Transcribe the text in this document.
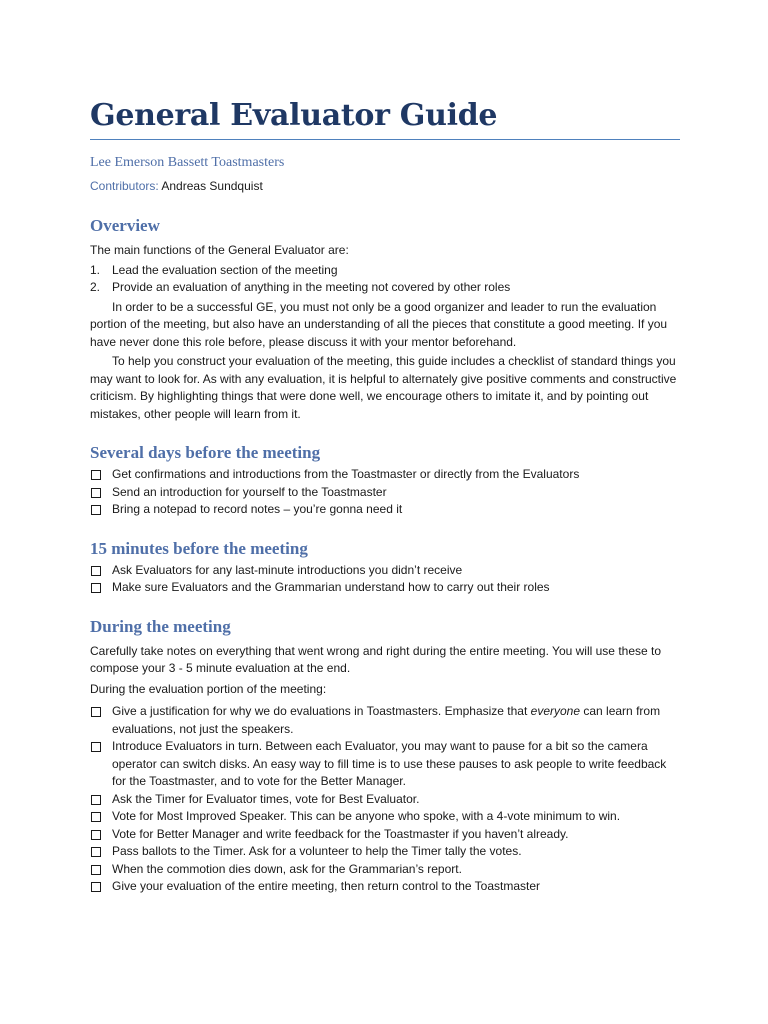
General Evaluator Guide
Lee Emerson Bassett Toastmasters
Contributors: Andreas Sundquist
Overview

The main functions of the General Evaluator are:

1. Lead the evaluation section of the meeting
2. Provide an evaluation of anything in the meeting not covered by other roles

In order to be a successful GE, you must not only be a good organizer and leader to run the evaluation portion of the meeting, but also have an understanding of all the pieces that constitute a good meeting. If you have never done this role before, please discuss it with your mentor beforehand.

To help you construct your evaluation of the meeting, this guide includes a checklist of standard things you may want to look for. As with any evaluation, it is helpful to alternately give positive comments and constructive criticism. By highlighting things that were done well, we encourage others to imitate it, and by pointing out mistakes, other people will learn from it.

Several days before the meeting
Get confirmations and introductions from the Toastmaster or directly from the Evaluators
Send an introduction for yourself to the Toastmaster
Bring a notepad to record notes – you’re gonna need it
15 minutes before the meeting
Ask Evaluators for any last-minute introductions you didn’t receive
Make sure Evaluators and the Grammarian understand how to carry out their roles
During the meeting

Carefully take notes on everything that went wrong and right during the entire meeting. You will use these to compose your 3 - 5 minute evaluation at the end.

During the evaluation portion of the meeting:

Give a justification for why we do evaluations in Toastmasters. Emphasize that everyone can learn from evaluations, not just the speakers.
Introduce Evaluators in turn. Between each Evaluator, you may want to pause for a bit so the camera operator can switch disks. An easy way to fill time is to use these pauses to ask people to write feedback for the Toastmaster, and to vote for the Better Manager.
Ask the Timer for Evaluator times, vote for Best Evaluator.
Vote for Most Improved Speaker. This can be anyone who spoke, with a 4-vote minimum to win.
Vote for Better Manager and write feedback for the Toastmaster if you haven’t already.
Pass ballots to the Timer. Ask for a volunteer to help the Timer tally the votes.
When the commotion dies down, ask for the Grammarian’s report.
Give your evaluation of the entire meeting, then return control to the Toastmaster
